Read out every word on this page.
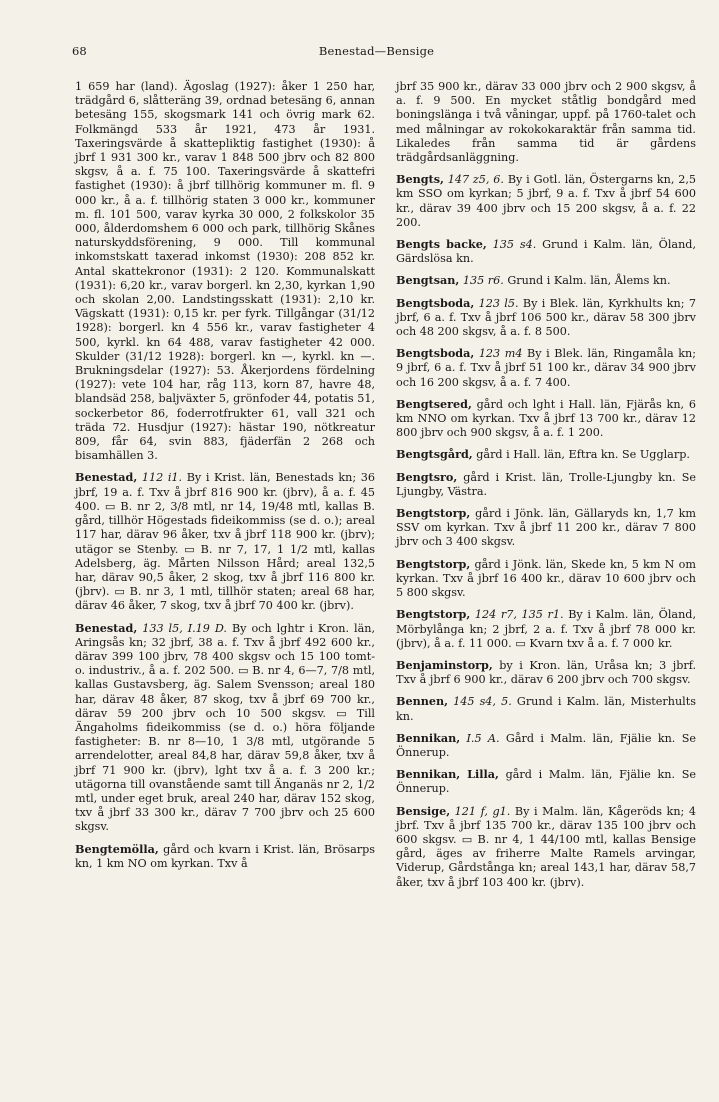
68	Benestad—Bensige

1 659 har (land). Ägoslag (1927): åker 1 250 har, trädgård 6, slåtteräng 39, ordnad betesäng 6, annan betesäng 155, skogsmark 141 och övrig mark 62. Folkmängd 533 år 1921, 473 år 1931. Taxeringsvärde å skattepliktig fastighet (1930): å jbrf 1 931 300 kr., varav 1 848 500 jbrv och 82 800 skgsv, å a. f. 75 100. Taxeringsvärde å skattefri fastighet (1930): å jbrf tillhörig kommuner m. fl. 9 000 kr., å a. f. tillhörig staten 3 000 kr., kommuner m. fl. 101 500, varav kyrka 30 000, 2 folkskolor 35 000, ålderdomshem 6 000 och park, tillhörig Skånes naturskyddsförening, 9 000. Till kommunal inkomstskatt taxerad inkomst (1930): 208 852 kr. Antal skattekronor (1931): 2 120. Kommunalskatt (1931): 6,20 kr., varav borgerl. kn 2,30, kyrkan 1,90 och skolan 2,00. Landstingsskatt (1931): 2,10 kr. Vägskatt (1931): 0,15 kr. per fyrk. Tillgångar (31/12 1928): borgerl. kn 4 556 kr., varav fastigheter 4 500, kyrkl. kn 64 488, varav fastigheter 42 000. Skulder (31/12 1928): borgerl. kn —, kyrkl. kn —. Brukningsdelar (1927): 53. Åkerjordens fördelning (1927): vete 104 har, råg 113, korn 87, havre 48, blandsäd 258, baljväxter 5, grönfoder 44, potatis 51, sockerbetor 86, foderrotfrukter 61, vall 321 och träda 72. Husdjur (1927): hästar 190, nötkreatur 809, får 64, svin 883, fjäderfän 2 268 och bisamhällen 3.

Benestad, 112 i1. By i Krist. län, Benestads kn; 36 jbrf, 19 a. f. Txv å jbrf 816 900 kr. (jbrv), å a. f. 45 400. ▭ B. nr 2, 3/8 mtl, nr 14, 19/48 mtl, kallas B. gård, tillhör Högestads fideikommiss (se d. o.); areal 117 har, därav 96 åker, txv å jbrf 118 900 kr. (jbrv); utägor se Stenby. ▭ B. nr 7, 17, 1 1/2 mtl, kallas Adelsberg, äg. Mårten Nilsson Hård; areal 132,5 har, därav 90,5 åker, 2 skog, txv å jbrf 116 800 kr. (jbrv). ▭ B. nr 3, 1 mtl, tillhör staten; areal 68 har, därav 46 åker, 7 skog, txv å jbrf 70 400 kr. (jbrv).

Benestad, 133 l5, I.19 D. By och lghtr i Kron. län, Aringsås kn; 32 jbrf, 38 a. f. Txv å jbrf 492 600 kr., därav 399 100 jbrv, 78 400 skgsv och 15 100 tomt- o. industriv., å a. f. 202 500. ▭ B. nr 4, 6—7, 7/8 mtl, kallas Gustavsberg, äg. Salem Svensson; areal 180 har, därav 48 åker, 87 skog, txv å jbrf 69 700 kr., därav 59 200 jbrv och 10 500 skgsv. ▭ Till Ängaholms fideikommiss (se d. o.) höra följande fastigheter: B. nr 8—10, 1 3/8 mtl, utgörande 5 arrendelotter, areal 84,8 har, därav 59,8 åker, txv å jbrf 71 900 kr. (jbrv), lght txv å a. f. 3 200 kr.; utägorna till ovanstående samt till Änganäs nr 2, 1/2 mtl, under eget bruk, areal 240 har, därav 152 skog, txv å jbrf 33 300 kr., därav 7 700 jbrv och 25 600 skgsv.

Bengtemölla, gård och kvarn i Krist. län, Brösarps kn, 1 km NO om kyrkan. Txv å

jbrf 35 900 kr., därav 33 000 jbrv och 2 900 skgsv, å a. f. 9 500. En mycket ståtlig bondgård med boningslänga i två våningar, uppf. på 1760-talet och med målningar av rokokokaraktär från samma tid. Likaledes från samma tid är gårdens trädgårdsanläggning.

Bengts, 147 z5, 6. By i Gotl. län, Östergarns kn, 2,5 km SSO om kyrkan; 5 jbrf, 9 a. f. Txv å jbrf 54 600 kr., därav 39 400 jbrv och 15 200 skgsv, å a. f. 22 200.

Bengts backe, 135 s4. Grund i Kalm. län, Öland, Gärdslösa kn.

Bengtsan, 135 r6. Grund i Kalm. län, Ålems kn.

Bengtsboda, 123 l5. By i Blek. län, Kyrkhults kn; 7 jbrf, 6 a. f. Txv å jbrf 106 500 kr., därav 58 300 jbrv och 48 200 skgsv, å a. f. 8 500.

Bengtsboda, 123 m4 By i Blek. län, Ringamåla kn; 9 jbrf, 6 a. f. Txv å jbrf 51 100 kr., därav 34 900 jbrv och 16 200 skgsv, å a. f. 7 400.

Bengtsered, gård och lght i Hall. län, Fjärås kn, 6 km NNO om kyrkan. Txv å jbrf 13 700 kr., därav 12 800 jbrv och 900 skgsv, å a. f. 1 200.

Bengtsgård, gård i Hall. län, Eftra kn. Se Ugglarp.

Bengtsro, gård i Krist. län, Trolle-Ljungby kn. Se Ljungby, Västra.

Bengtstorp, gård i Jönk. län, Gällaryds kn, 1,7 km SSV om kyrkan. Txv å jbrf 11 200 kr., därav 7 800 jbrv och 3 400 skgsv.

Bengtstorp, gård i Jönk. län, Skede kn, 5 km N om kyrkan. Txv å jbrf 16 400 kr., därav 10 600 jbrv och 5 800 skgsv.

Bengtstorp, 124 r7, 135 r1. By i Kalm. län, Öland, Mörbylånga kn; 2 jbrf, 2 a. f. Txv å jbrf 78 000 kr. (jbrv), å a. f. 11 000. ▭ Kvarn txv å a. f. 7 000 kr.

Benjaminstorp, by i Kron. län, Uråsa kn; 3 jbrf. Txv å jbrf 6 900 kr., därav 6 200 jbrv och 700 skgsv.

Bennen, 145 s4, 5. Grund i Kalm. län, Misterhults kn.

Bennikan, I.5 A. Gård i Malm. län, Fjälie kn. Se Önnerup.

Bennikan, Lilla, gård i Malm. län, Fjälie kn. Se Önnerup.

Bensige, 121 f, g1. By i Malm. län, Kågeröds kn; 4 jbrf. Txv å jbrf 135 700 kr., därav 135 100 jbrv och 600 skgsv. ▭ B. nr 4, 1 44/100 mtl, kallas Bensige gård, äges av friherre Malte Ramels arvingar, Viderup, Gårdstånga kn; areal 143,1 har, därav 58,7 åker, txv å jbrf 103 400 kr. (jbrv).
